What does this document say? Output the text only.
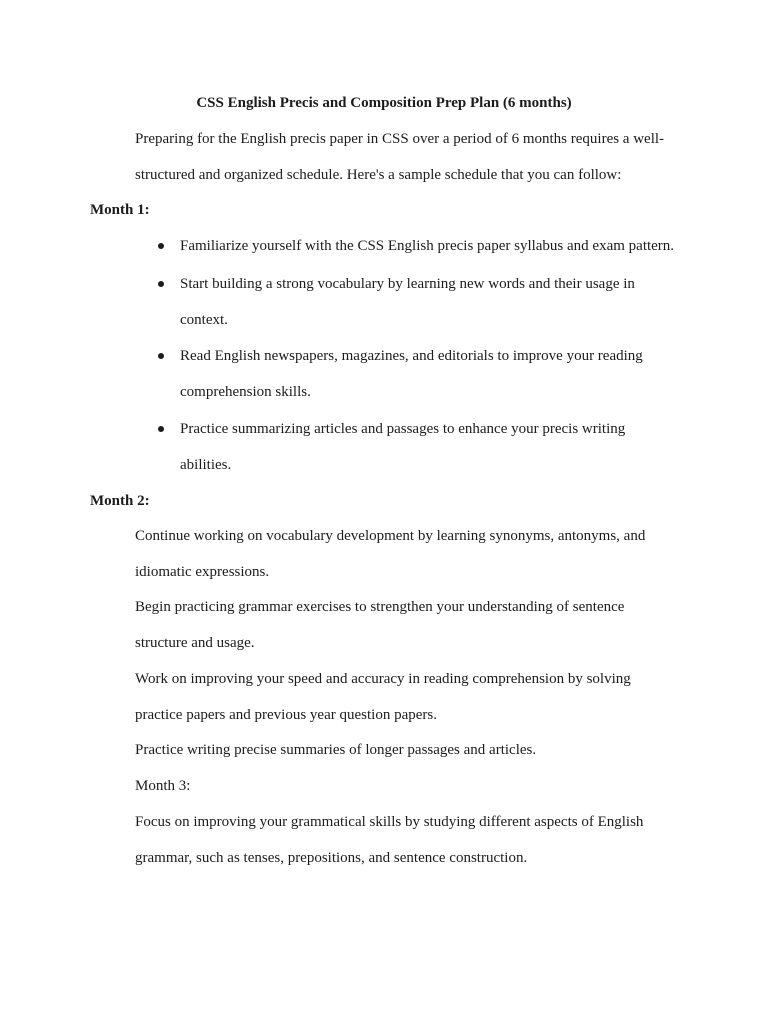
CSS English Precis and Composition Prep Plan (6 months)
Preparing for the English precis paper in CSS over a period of 6 months requires a well-
structured and organized schedule. Here's a sample schedule that you can follow:
Month 1:
Familiarize yourself with the CSS English precis paper syllabus and exam pattern.
Start building a strong vocabulary by learning new words and their usage in
context.
Read English newspapers, magazines, and editorials to improve your reading
comprehension skills.
Practice summarizing articles and passages to enhance your precis writing
abilities.
Month 2:
Continue working on vocabulary development by learning synonyms, antonyms, and
idiomatic expressions.
Begin practicing grammar exercises to strengthen your understanding of sentence
structure and usage.
Work on improving your speed and accuracy in reading comprehension by solving
practice papers and previous year question papers.
Practice writing precise summaries of longer passages and articles.
Month 3:
Focus on improving your grammatical skills by studying different aspects of English
grammar, such as tenses, prepositions, and sentence construction.
